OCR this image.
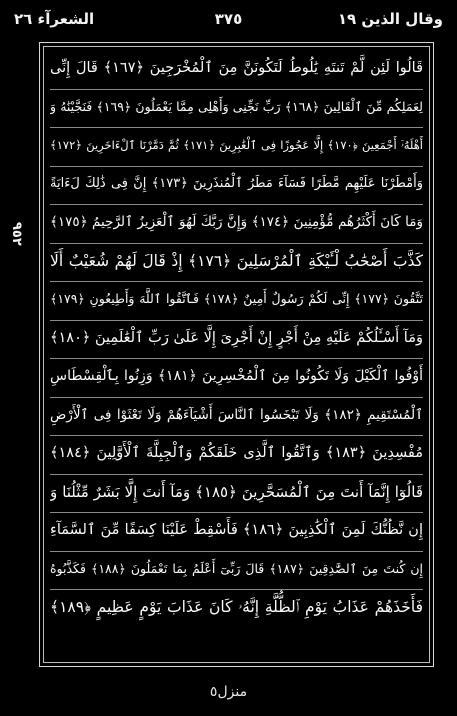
الشعرآء ٢٦	٣٧٥	وقال الذين ١٩
٩٥٢
قَالُوا لَئِن لَّمْ تَنتَهِ يَٰلُوطُ لَتَكُونَنَّ مِنَ ٱلْمُخْرَجِينَ ﴿١٦٧﴾ قَالَ إِنِّى
لِعَمَلِكُم مِّنَ ٱلْقَالِينَ ﴿١٦٨﴾ رَبِّ نَجِّنِى وَأَهْلِى مِمَّا يَعْمَلُونَ ﴿١٦٩﴾ فَنَجَّيْنَٰهُ وَ
أَهْلَهُۥٓ أَجْمَعِينَ ﴿١٧٠﴾ إِلَّا عَجُوزًا فِى ٱلْغَٰبِرِينَ ﴿١٧١﴾ ثُمَّ دَمَّرْنَا ٱلْءَاخَرِينَ ﴿١٧٢﴾
وَأَمْطَرْنَا عَلَيْهِم مَّطَرًا فَسَآءَ مَطَرُ ٱلْمُنذَرِينَ ﴿١٧٣﴾ إِنَّ فِى ذَٰلِكَ لَءَايَةً
وَمَا كَانَ أَكْثَرُهُم مُّؤْمِنِينَ ﴿١٧٤﴾ وَإِنَّ رَبَّكَ لَهُوَ ٱلْعَزِيزُ ٱلرَّحِيمُ ﴿١٧٥﴾
كَذَّبَ أَصْحَٰبُ لْـَٔيْكَةِ ٱلْمُرْسَلِينَ ﴿١٧٦﴾ إِذْ قَالَ لَهُمْ شُعَيْبٌ أَلَا
تَتَّقُونَ ﴿١٧٧﴾ إِنِّى لَكُمْ رَسُولٌ أَمِينٌ ﴿١٧٨﴾ فَٱتَّقُوا ٱللَّهَ وَأَطِيعُونِ ﴿١٧٩﴾
وَمَآ أَسْـَٔلُكُمْ عَلَيْهِ مِنْ أَجْرٍ إِنْ أَجْرِىَ إِلَّا عَلَىٰ رَبِّ ٱلْعَٰلَمِينَ ﴿١٨٠﴾
أَوْفُوا ٱلْكَيْلَ وَلَا تَكُونُوا مِنَ ٱلْمُخْسِرِينَ ﴿١٨١﴾ وَزِنُوا بِٱلْقِسْطَاسِ
ٱلْمُسْتَقِيمِ ﴿١٨٢﴾ وَلَا تَبْخَسُوا ٱلنَّاسَ أَشْيَآءَهُمْ وَلَا تَعْثَوْا فِى ٱلْأَرْضِ
مُفْسِدِينَ ﴿١٨٣﴾ وَٱتَّقُوا ٱلَّذِى خَلَقَكُمْ وَٱلْجِبِلَّةَ ٱلْأَوَّلِينَ ﴿١٨٤﴾
قَالُوٓا إِنَّمَآ أَنتَ مِنَ ٱلْمُسَحَّرِينَ ﴿١٨٥﴾ وَمَآ أَنتَ إِلَّا بَشَرٌ مِّثْلُنَا وَ
إِن نَّظُنُّكَ لَمِنَ ٱلْكَٰذِبِينَ ﴿١٨٦﴾ فَأَسْقِطْ عَلَيْنَا كِسَفًا مِّنَ ٱلسَّمَآءِ
إِن كُنتَ مِنَ ٱلصَّٰدِقِينَ ﴿١٨٧﴾ قَالَ رَبِّىٓ أَعْلَمُ بِمَا تَعْمَلُونَ ﴿١٨٨﴾ فَكَذَّبُوهُ
فَأَخَذَهُمْ عَذَابُ يَوْمِ ٱلظُّلَّةِ إِنَّهُۥ كَانَ عَذَابَ يَوْمٍ عَظِيمٍ ﴿١٨٩﴾
منزل٥
